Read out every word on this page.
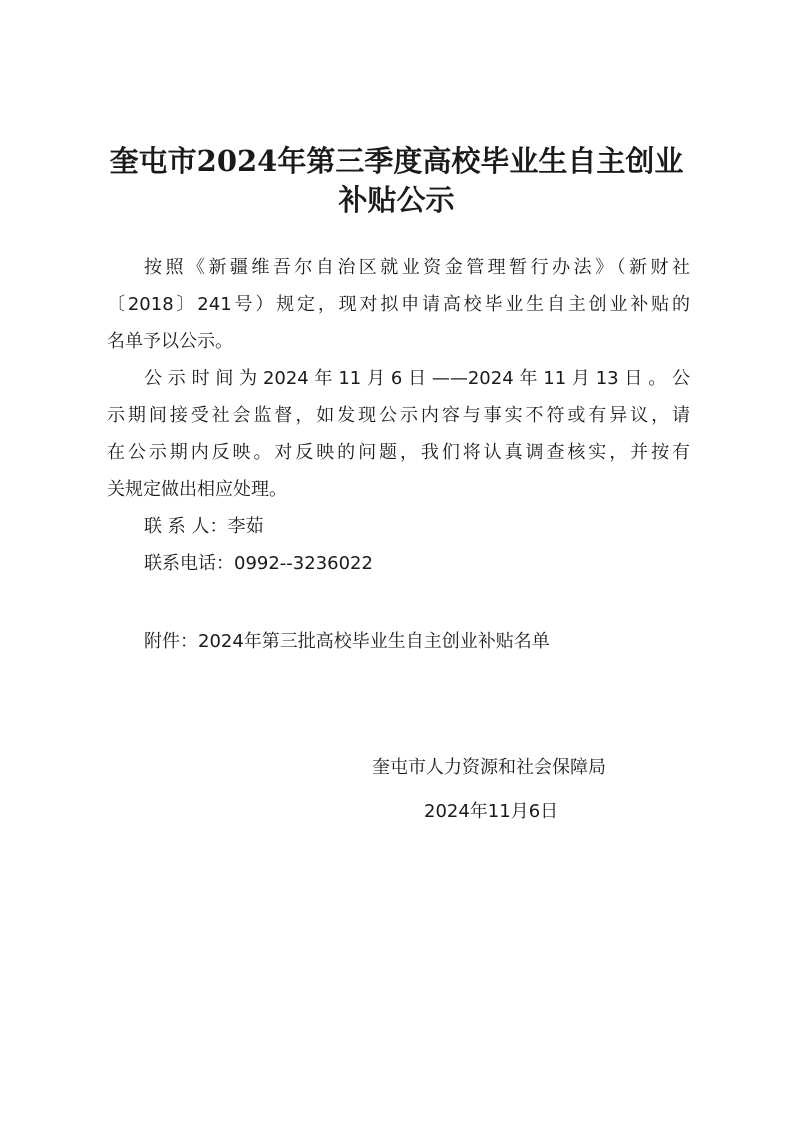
奎屯市2024年第三季度高校毕业生自主创业
补贴公示

按照《新疆维吾尔自治区就业资金管理暂行办法》（新财社

〔2018〕241号）规定，现对拟申请高校毕业生自主创业补贴的

名单予以公示。

公示时间为2024年11月6日——2024年11月13日。公

示期间接受社会监督，如发现公示内容与事实不符或有异议，请

在公示期内反映。对反映的问题，我们将认真调查核实，并按有

关规定做出相应处理。

联 系 人：李茹

联系电话：0992--3236022

附件：2024年第三批高校毕业生自主创业补贴名单

奎屯市人力资源和社会保障局

2024年11月6日
